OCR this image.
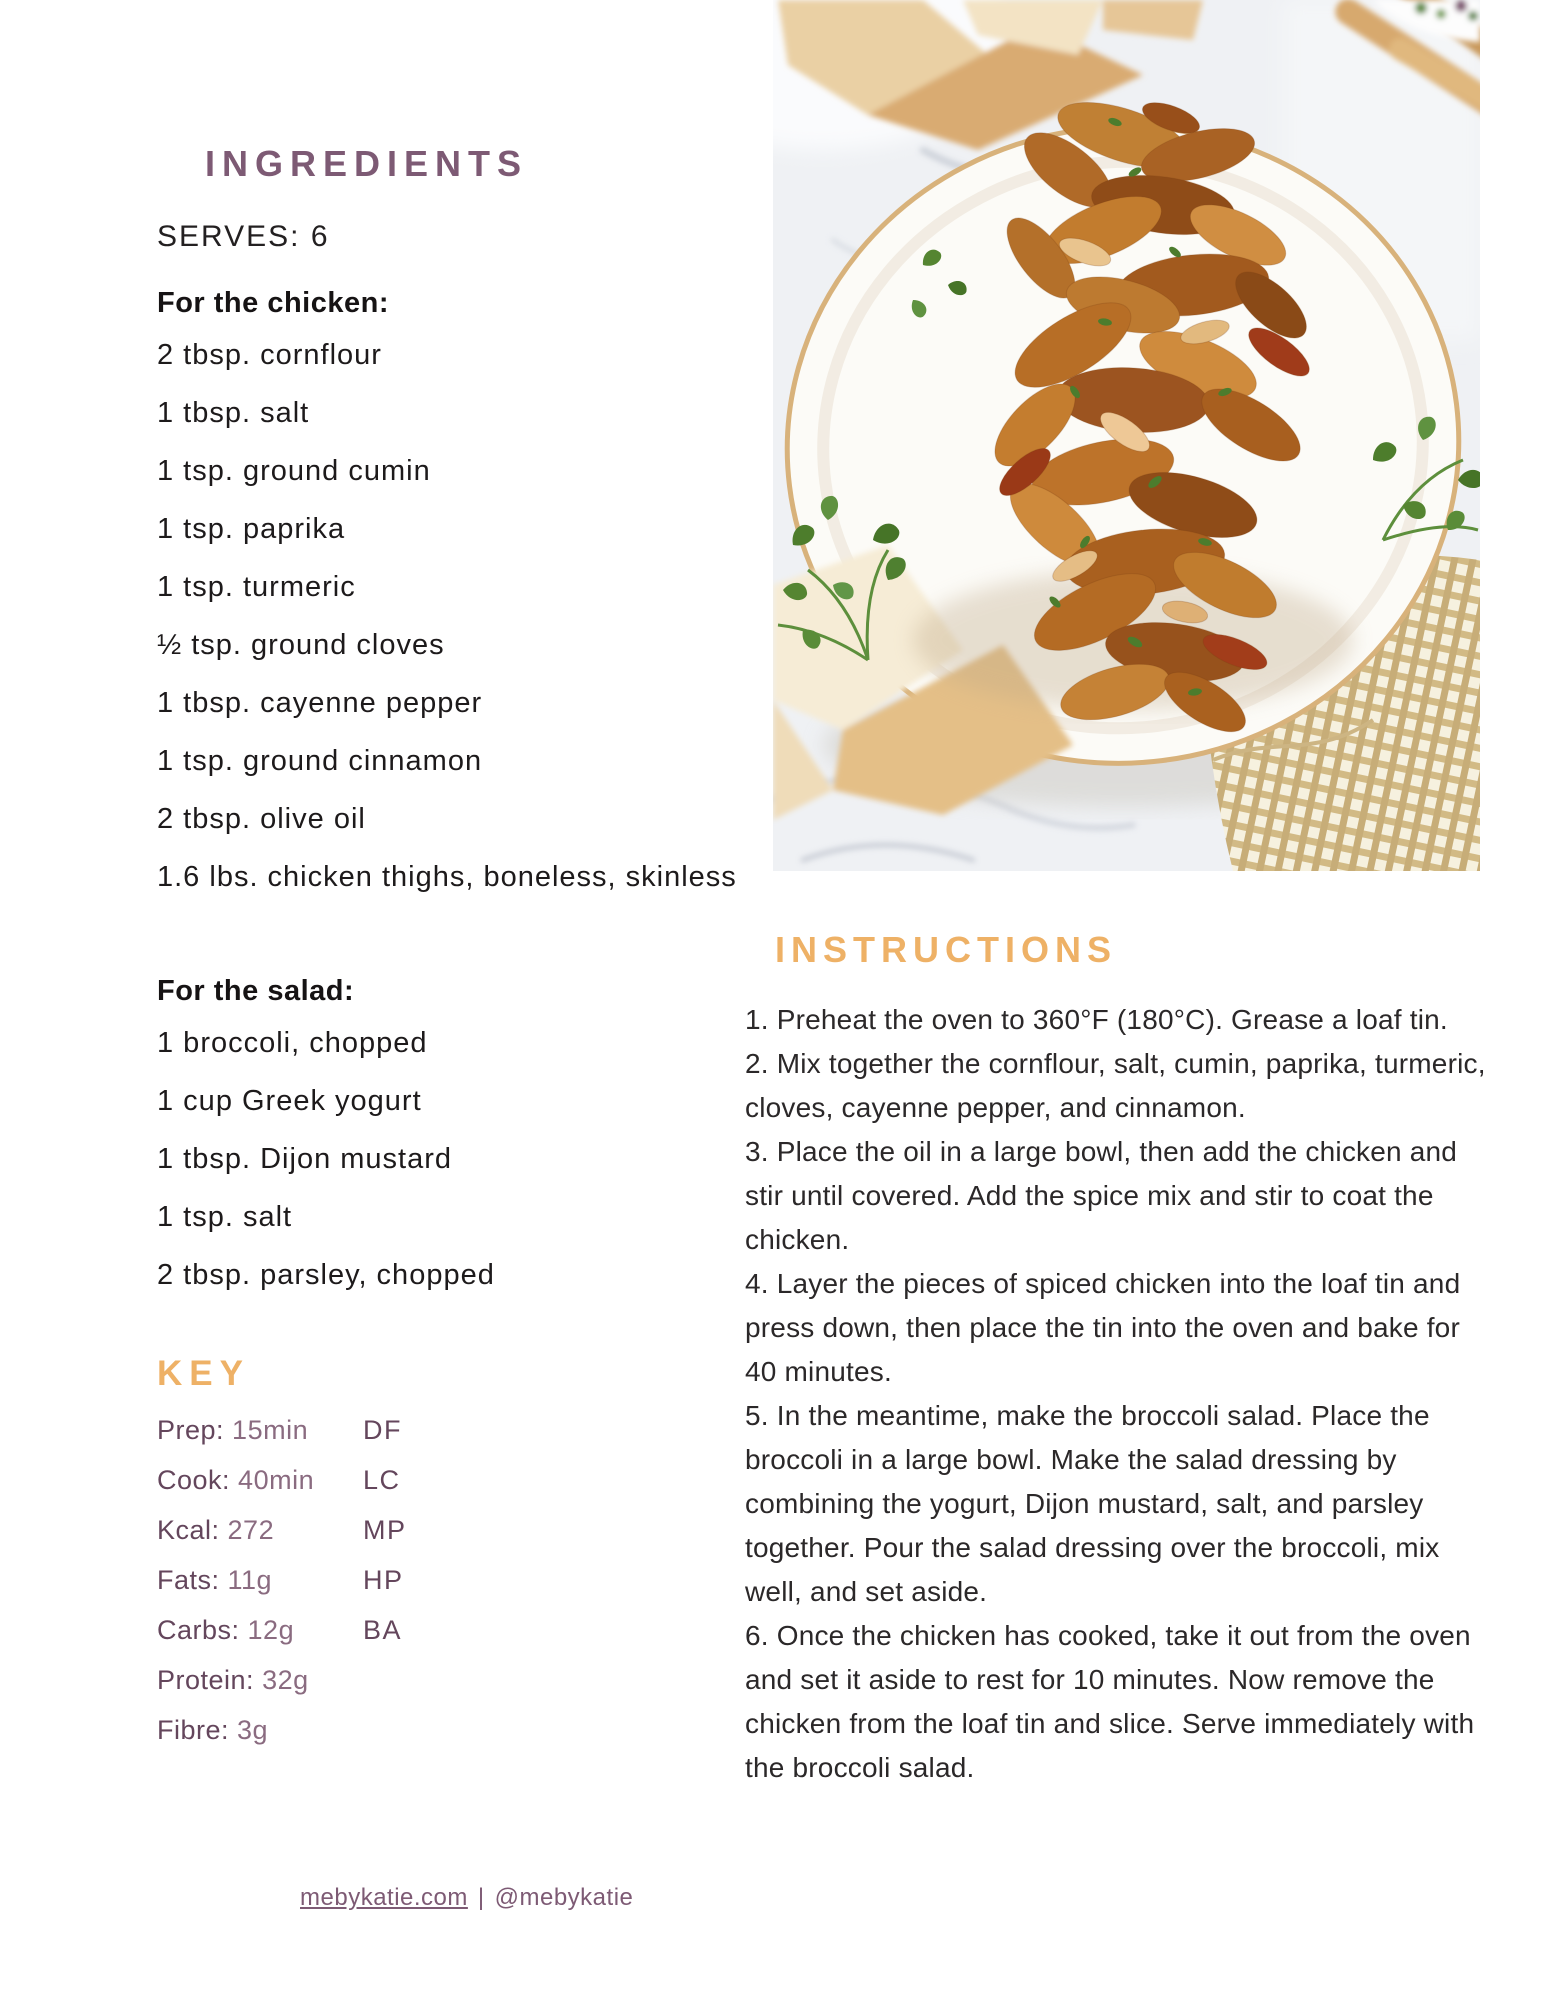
INGREDIENTS
SERVES: 6
For the chicken:
2 tbsp. cornflour
1 tbsp. salt
1 tsp. ground cumin
1 tsp. paprika
1 tsp. turmeric
½ tsp. ground cloves
1 tbsp. cayenne pepper
1 tsp. ground cinnamon
2 tbsp. olive oil
1.6 lbs. chicken thighs, boneless, skinless
For the salad:
1 broccoli, chopped
1 cup Greek yogurt
1 tbsp. Dijon mustard
1 tsp. salt
2 tbsp. parsley, chopped
KEY
Prep: 15min	DF
Cook: 40min	LC
Kcal: 272	MP
Fats: 11g	HP
Carbs: 12g	BA
Protein: 32g
Fibre: 3g
INSTRUCTIONS

1. Preheat the oven to 360°F (180°C). Grease a loaf tin.

2. Mix together the cornflour, salt, cumin, paprika, turmeric, cloves, cayenne pepper, and cinnamon.

3. Place the oil in a large bowl, then add the chicken and stir until covered. Add the spice mix and stir to coat the chicken.

4. Layer the pieces of spiced chicken into the loaf tin and press down, then place the tin into the oven and bake for 40 minutes.

5. In the meantime, make the broccoli salad. Place the broccoli in a large bowl. Make the salad dressing by combining the yogurt, Dijon mustard, salt, and parsley together. Pour the salad dressing over the broccoli, mix well, and set aside.

6. Once the chicken has cooked, take it out from the oven and set it aside to rest for 10 minutes. Now remove the chicken from the loaf tin and slice. Serve immediately with the broccoli salad.

mebykatie.com | @mebykatie
